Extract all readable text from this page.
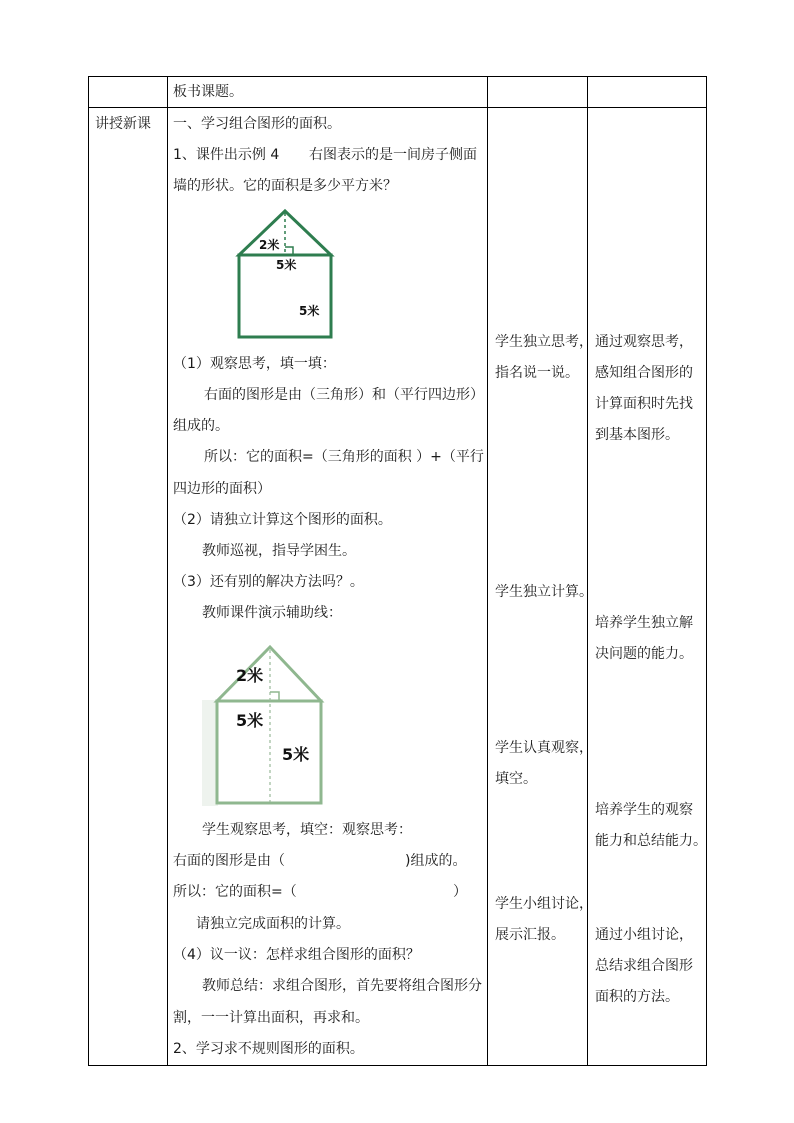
板书课题。
讲授新课 一、学习组合图形的面积。
1、课件出示例 4 右图表示的是一间房子侧面
墙的形状。它的面积是多少平方米？
2米
5米
5米
（1）观察思考，填一填：
右面的图形是由（三角形）和（平行四边形）
组成的。
所以：它的面积=（三角形的面积 ）+（平行
四边形的面积）
（2）请独立计算这个图形的面积。
教师巡视，指导学困生。
（3）还有别的解决方法吗？。
教师课件演示辅助线：
2米
5米
5米
学生观察思考，填空：观察思考：
右面的图形是由（	)组成的。
所以：它的面积=（	）
请独立完成面积的计算。
（4）议一议：怎样求组合图形的面积？
教师总结：求组合图形，首先要将组合图形分
割，一一计算出面积，再求和。
2、学习求不规则图形的面积。
学生独立思考，
指名说一说。
学生独立计算。
学生认真观察，
填空。
学生小组讨论，
展示汇报。
通过观察思考，
感知组合图形的
计算面积时先找
到基本图形。
培养学生独立解
决问题的能力。
培养学生的观察
能力和总结能力。
通过小组讨论，
总结求组合图形
面积的方法。
